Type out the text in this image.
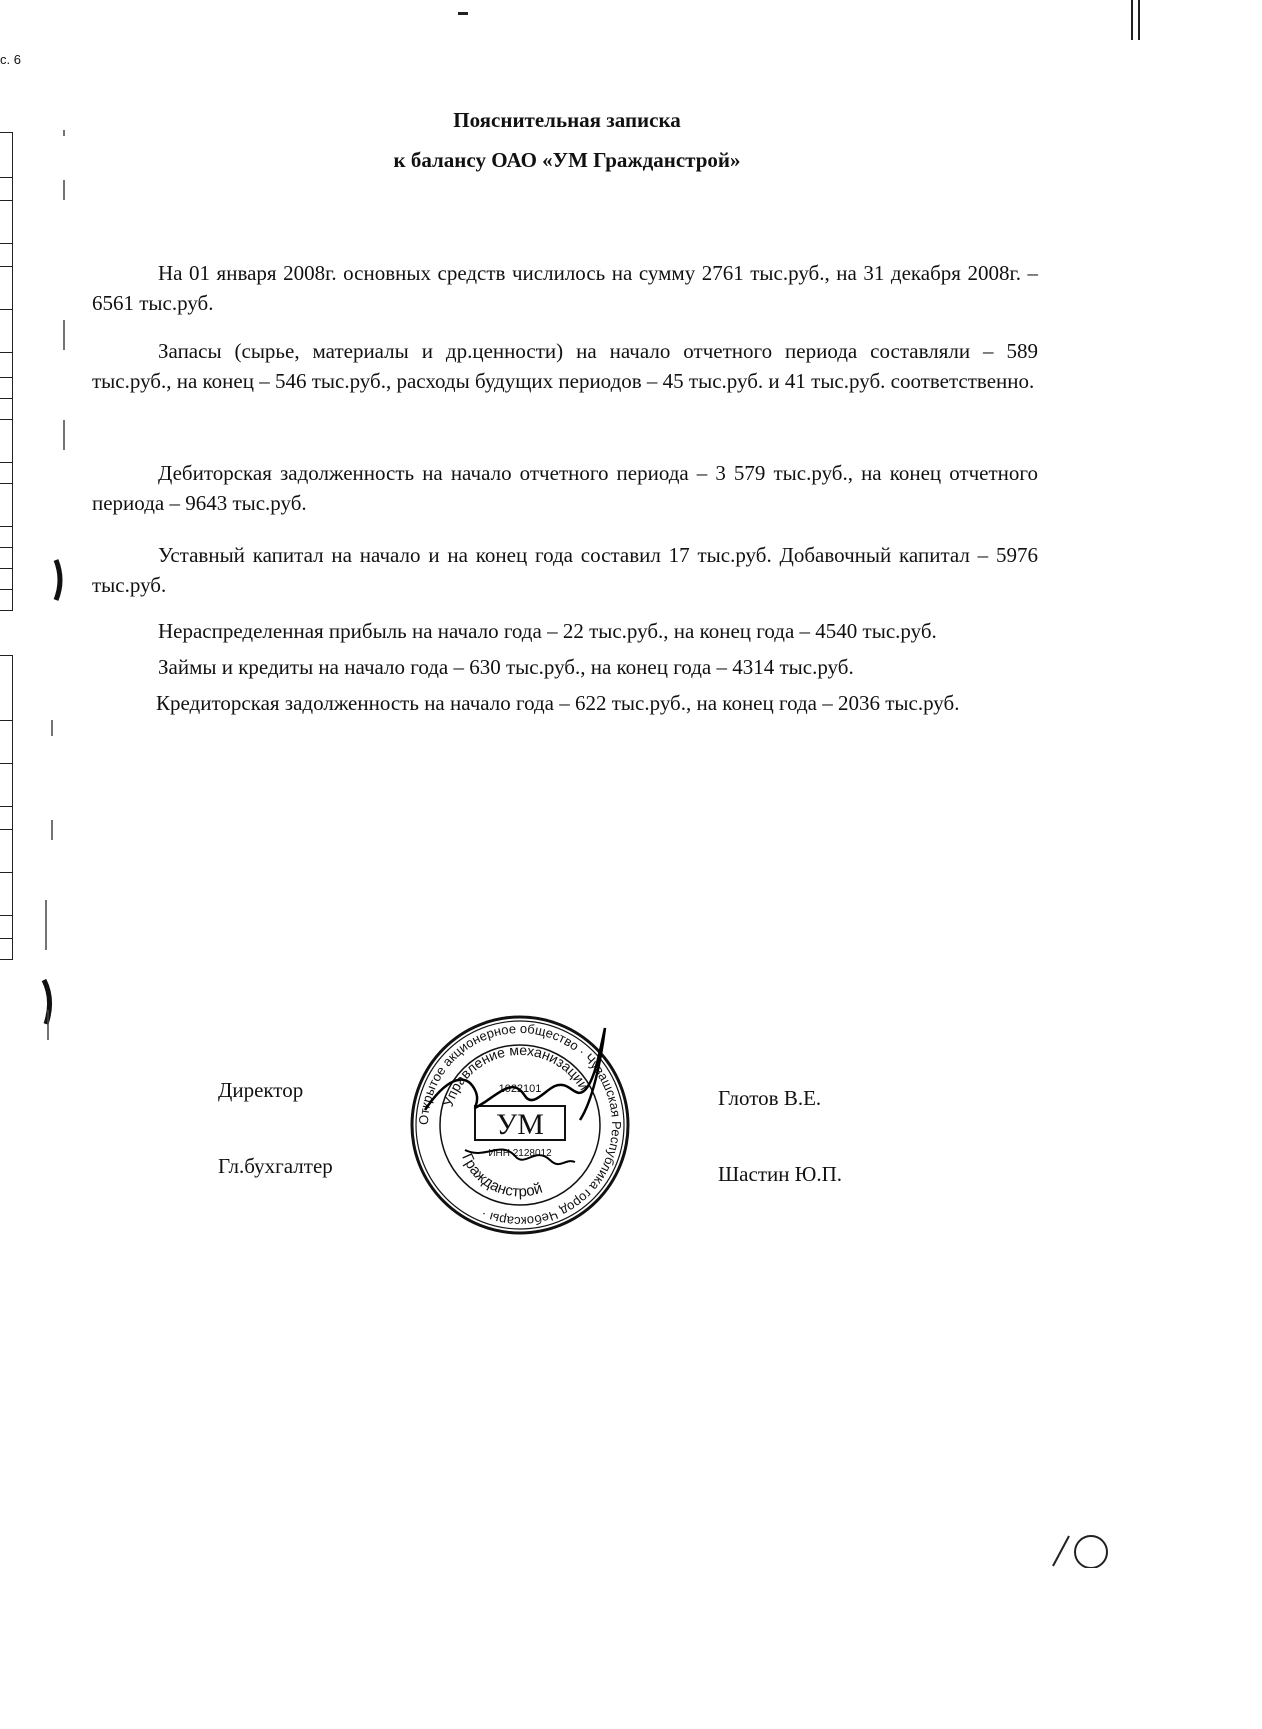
c. 6
Пояснительная записка
к балансу ОАО «УМ Гражданстрой»

На 01 января 2008г. основных средств числилось на сумму 2761 тыс.руб., на 31 декабря 2008г. – 6561 тыс.руб.

Запасы (сырье, материалы и др.ценности) на начало отчетного периода составляли – 589 тыс.руб., на конец – 546 тыс.руб., расходы будущих периодов – 45 тыс.руб. и 41 тыс.руб. соответственно.

Дебиторская задолженность на начало отчетного периода – 3 579 тыс.руб., на конец отчетного периода – 9643 тыс.руб.

Уставный капитал на начало и на конец года составил 17 тыс.руб. Добавочный капитал – 5976 тыс.руб.

Нераспределенная прибыль на начало года – 22 тыс.руб., на конец года – 4540 тыс.руб.

Займы и кредиты на начало года – 630 тыс.руб., на конец года – 4314 тыс.руб.

Кредиторская задолженность на начало года – 622 тыс.руб., на конец года – 2036 тыс.руб.

Директор
Гл.бухгалтер
Глотов В.Е.
Шастин Ю.П.
Открытое акционерное общество · Чувашская Республика город Чебоксары ·
Управление механизации
1022101
УМ
ИНН 2128012
Гражданстрой
